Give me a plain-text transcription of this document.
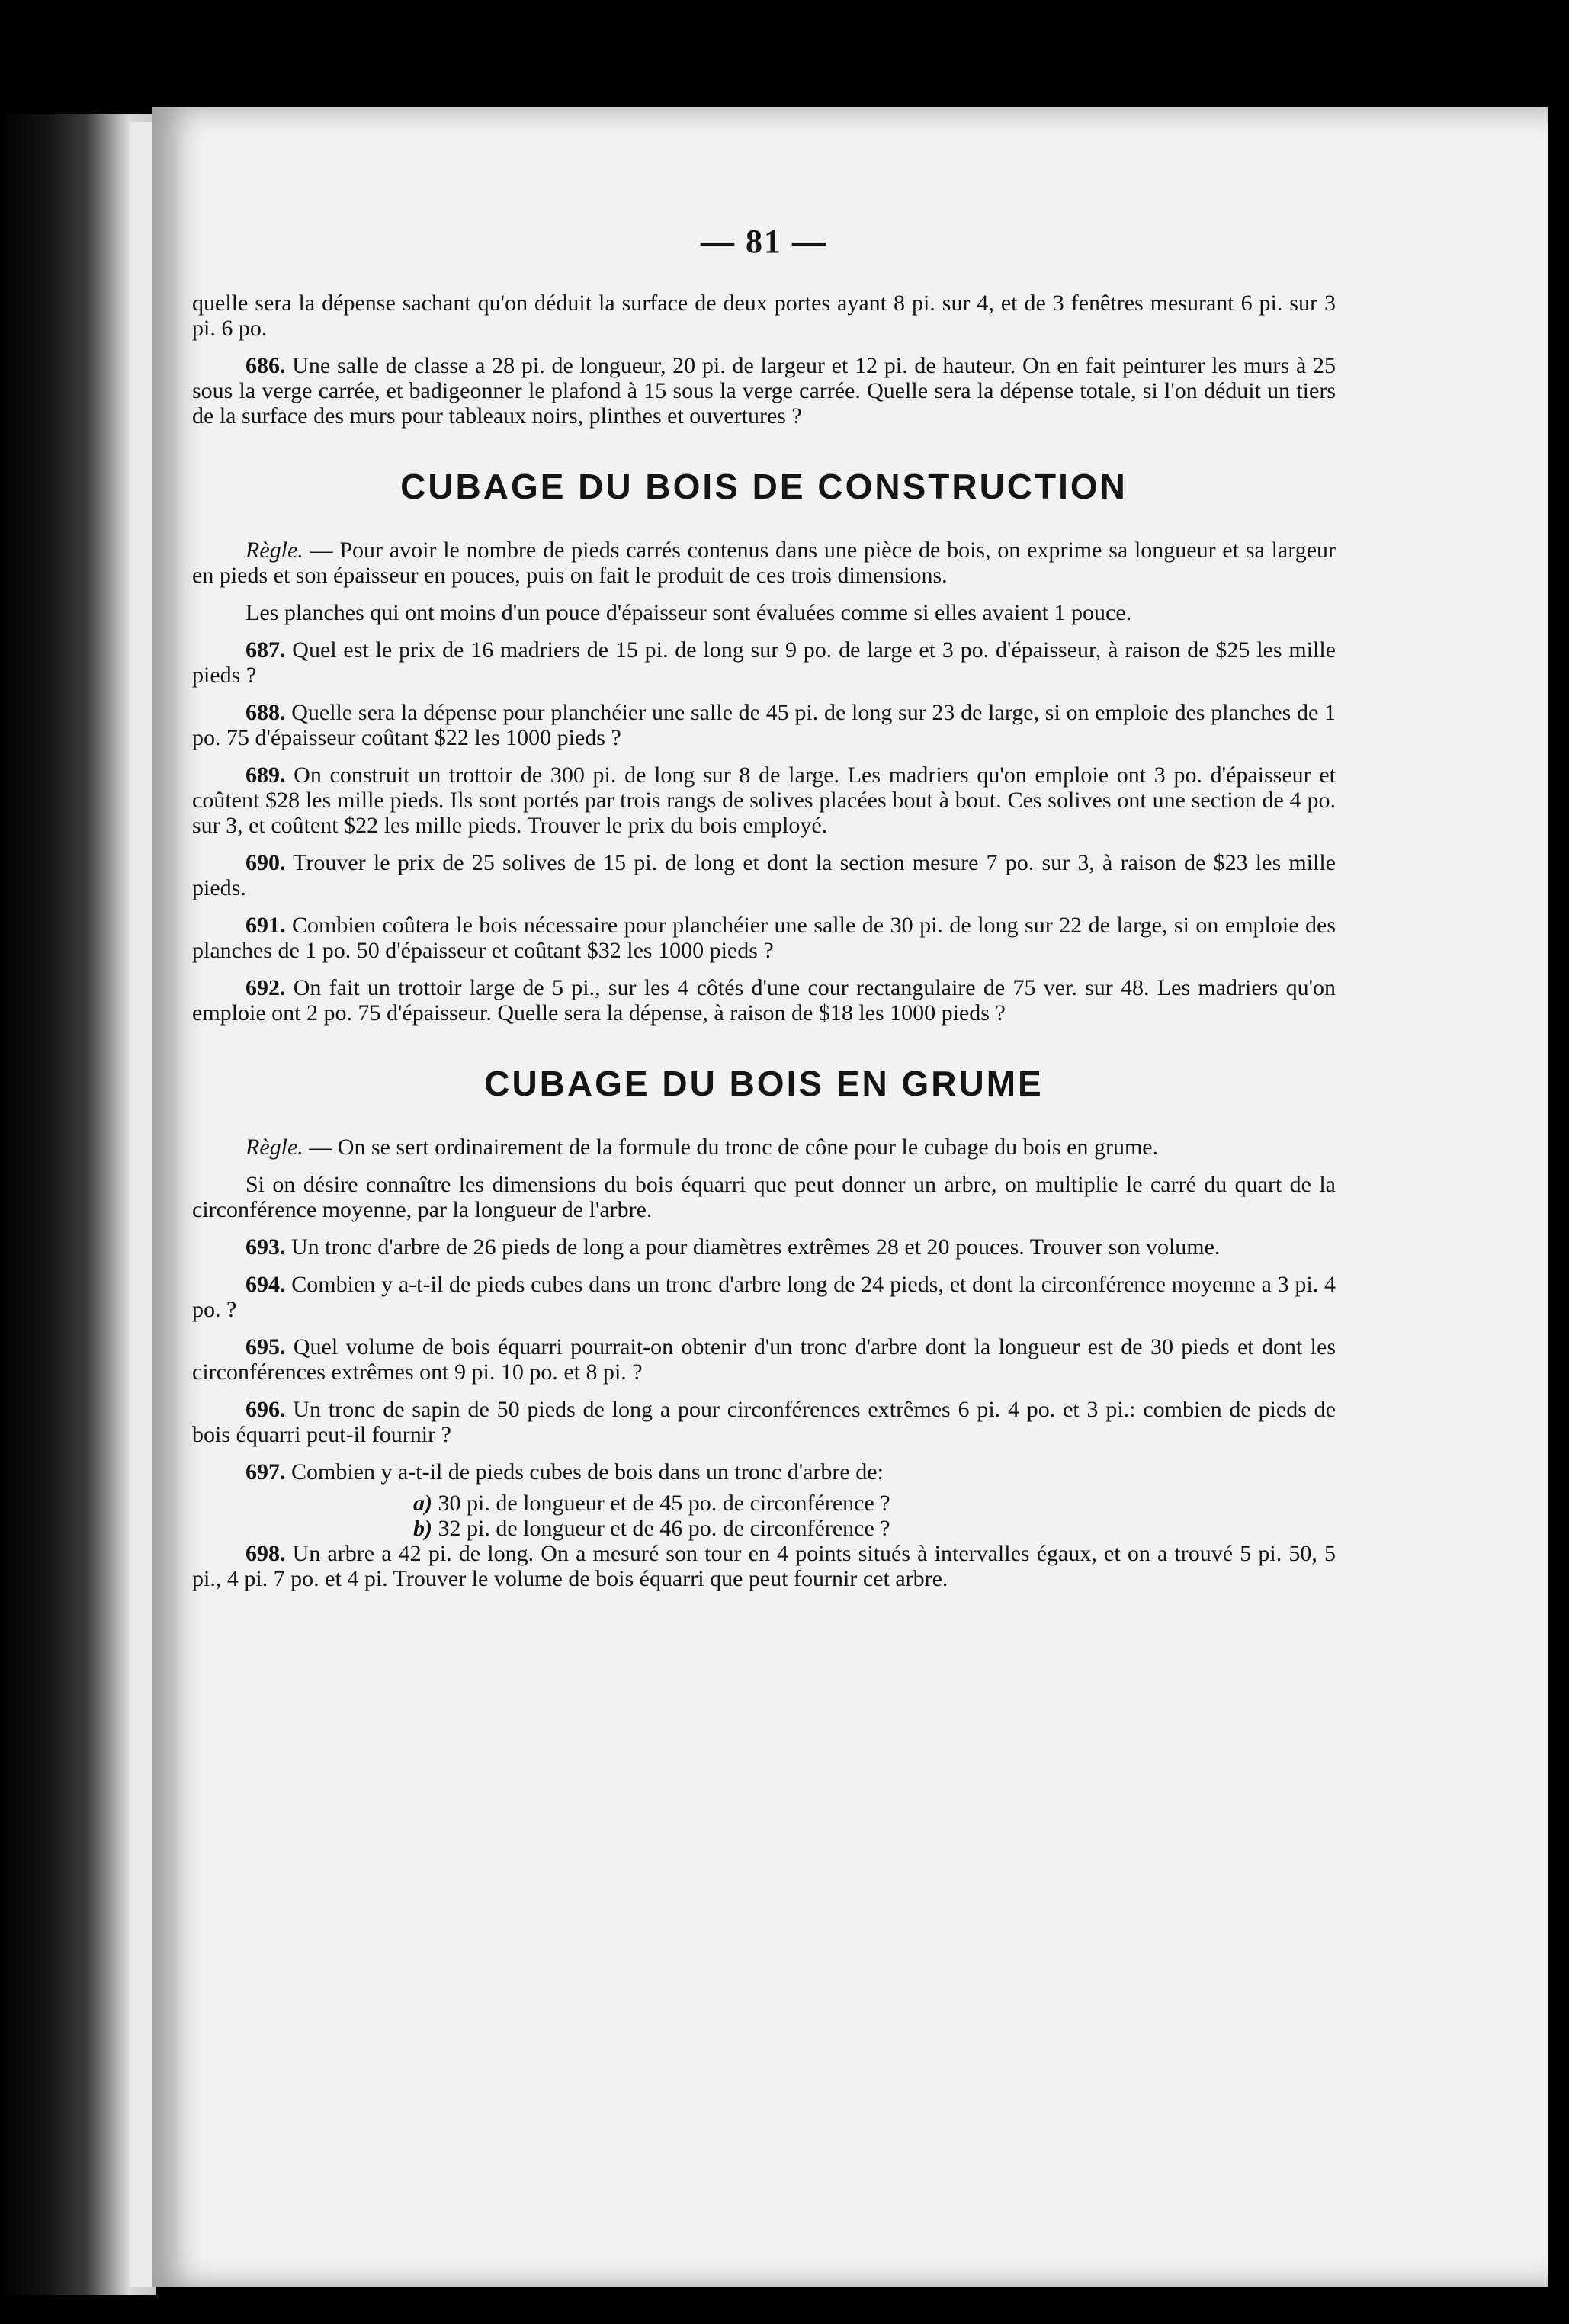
— 81 —

quelle sera la dépense sachant qu'on déduit la surface de deux portes ayant 8 pi. sur 4, et de 3 fenêtres mesurant 6 pi. sur 3 pi. 6 po.

686. Une salle de classe a 28 pi. de longueur, 20 pi. de largeur et 12 pi. de hauteur. On en fait peinturer les murs à 25 sous la verge carrée, et badigeonner le plafond à 15 sous la verge carrée. Quelle sera la dépense totale, si l'on déduit un tiers de la surface des murs pour tableaux noirs, plinthes et ouvertures ?

CUBAGE DU BOIS DE CONSTRUCTION

Règle. — Pour avoir le nombre de pieds carrés contenus dans une pièce de bois, on exprime sa longueur et sa largeur en pieds et son épaisseur en pouces, puis on fait le produit de ces trois dimensions.

Les planches qui ont moins d'un pouce d'épaisseur sont évaluées comme si elles avaient 1 pouce.

687. Quel est le prix de 16 madriers de 15 pi. de long sur 9 po. de large et 3 po. d'épaisseur, à raison de $25 les mille pieds ?

688. Quelle sera la dépense pour planchéier une salle de 45 pi. de long sur 23 de large, si on emploie des planches de 1 po. 75 d'épaisseur coûtant $22 les 1000 pieds ?

689. On construit un trottoir de 300 pi. de long sur 8 de large. Les madriers qu'on emploie ont 3 po. d'épaisseur et coûtent $28 les mille pieds. Ils sont portés par trois rangs de solives placées bout à bout. Ces solives ont une section de 4 po. sur 3, et coûtent $22 les mille pieds. Trouver le prix du bois employé.

690. Trouver le prix de 25 solives de 15 pi. de long et dont la section mesure 7 po. sur 3, à raison de $23 les mille pieds.

691. Combien coûtera le bois nécessaire pour planchéier une salle de 30 pi. de long sur 22 de large, si on emploie des planches de 1 po. 50 d'épaisseur et coûtant $32 les 1000 pieds ?

692. On fait un trottoir large de 5 pi., sur les 4 côtés d'une cour rectangulaire de 75 ver. sur 48. Les madriers qu'on emploie ont 2 po. 75 d'épaisseur. Quelle sera la dépense, à raison de $18 les 1000 pieds ?

CUBAGE DU BOIS EN GRUME

Règle. — On se sert ordinairement de la formule du tronc de cône pour le cubage du bois en grume.

Si on désire connaître les dimensions du bois équarri que peut donner un arbre, on multiplie le carré du quart de la circonférence moyenne, par la longueur de l'arbre.

693. Un tronc d'arbre de 26 pieds de long a pour diamètres extrêmes 28 et 20 pouces. Trouver son volume.

694. Combien y a-t-il de pieds cubes dans un tronc d'arbre long de 24 pieds, et dont la circonférence moyenne a 3 pi. 4 po. ?

695. Quel volume de bois équarri pourrait-on obtenir d'un tronc d'arbre dont la longueur est de 30 pieds et dont les circonférences extrêmes ont 9 pi. 10 po. et 8 pi. ?

696. Un tronc de sapin de 50 pieds de long a pour circonférences extrêmes 6 pi. 4 po. et 3 pi.: combien de pieds de bois équarri peut-il fournir ?

697. Combien y a-t-il de pieds cubes de bois dans un tronc d'arbre de:

a) 30 pi. de longueur et de 45 po. de circonférence ?

b) 32 pi. de longueur et de 46 po. de circonférence ?

698. Un arbre a 42 pi. de long. On a mesuré son tour en 4 points situés à intervalles égaux, et on a trouvé 5 pi. 50, 5 pi., 4 pi. 7 po. et 4 pi. Trouver le volume de bois équarri que peut fournir cet arbre.
